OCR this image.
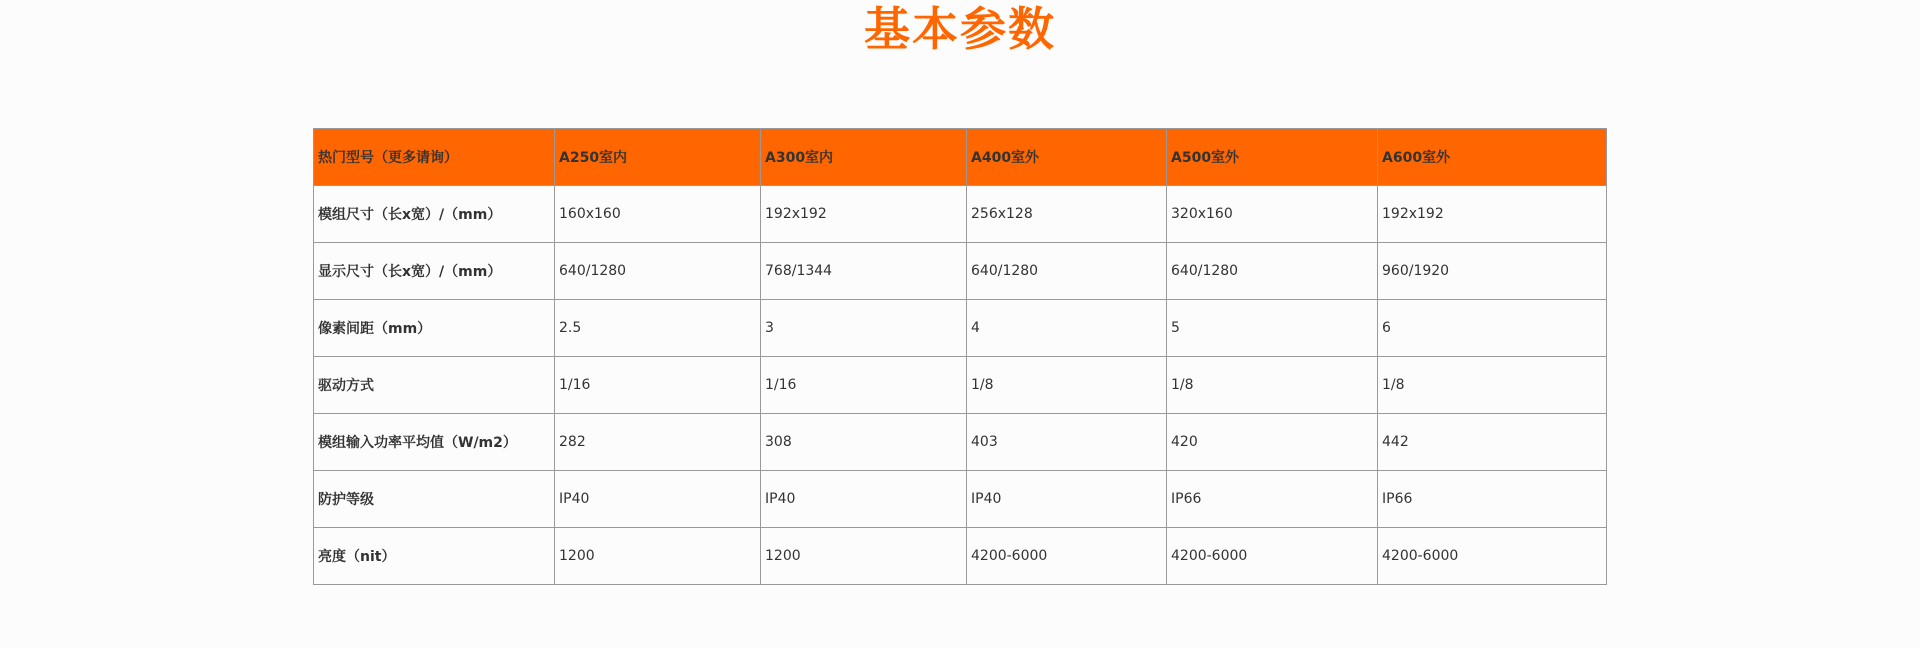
基本参数
热门型号（更多请询）	A250室内	A300室内	A400室外	A500室外	A600室外
模组尺寸（长x宽）/（mm）	160x160	192x192	256x128	320x160	192x192
显示尺寸（长x宽）/（mm）	640/1280	768/1344	640/1280	640/1280	960/1920
像素间距（mm）	2.5	3	4	5	6
驱动方式	1/16	1/16	1/8	1/8	1/8
模组输入功率平均值（W/m2）	282	308	403	420	442
防护等级	IP40	IP40	IP40	IP66	IP66
亮度（nit）	1200	1200	4200-6000	4200-6000	4200-6000
